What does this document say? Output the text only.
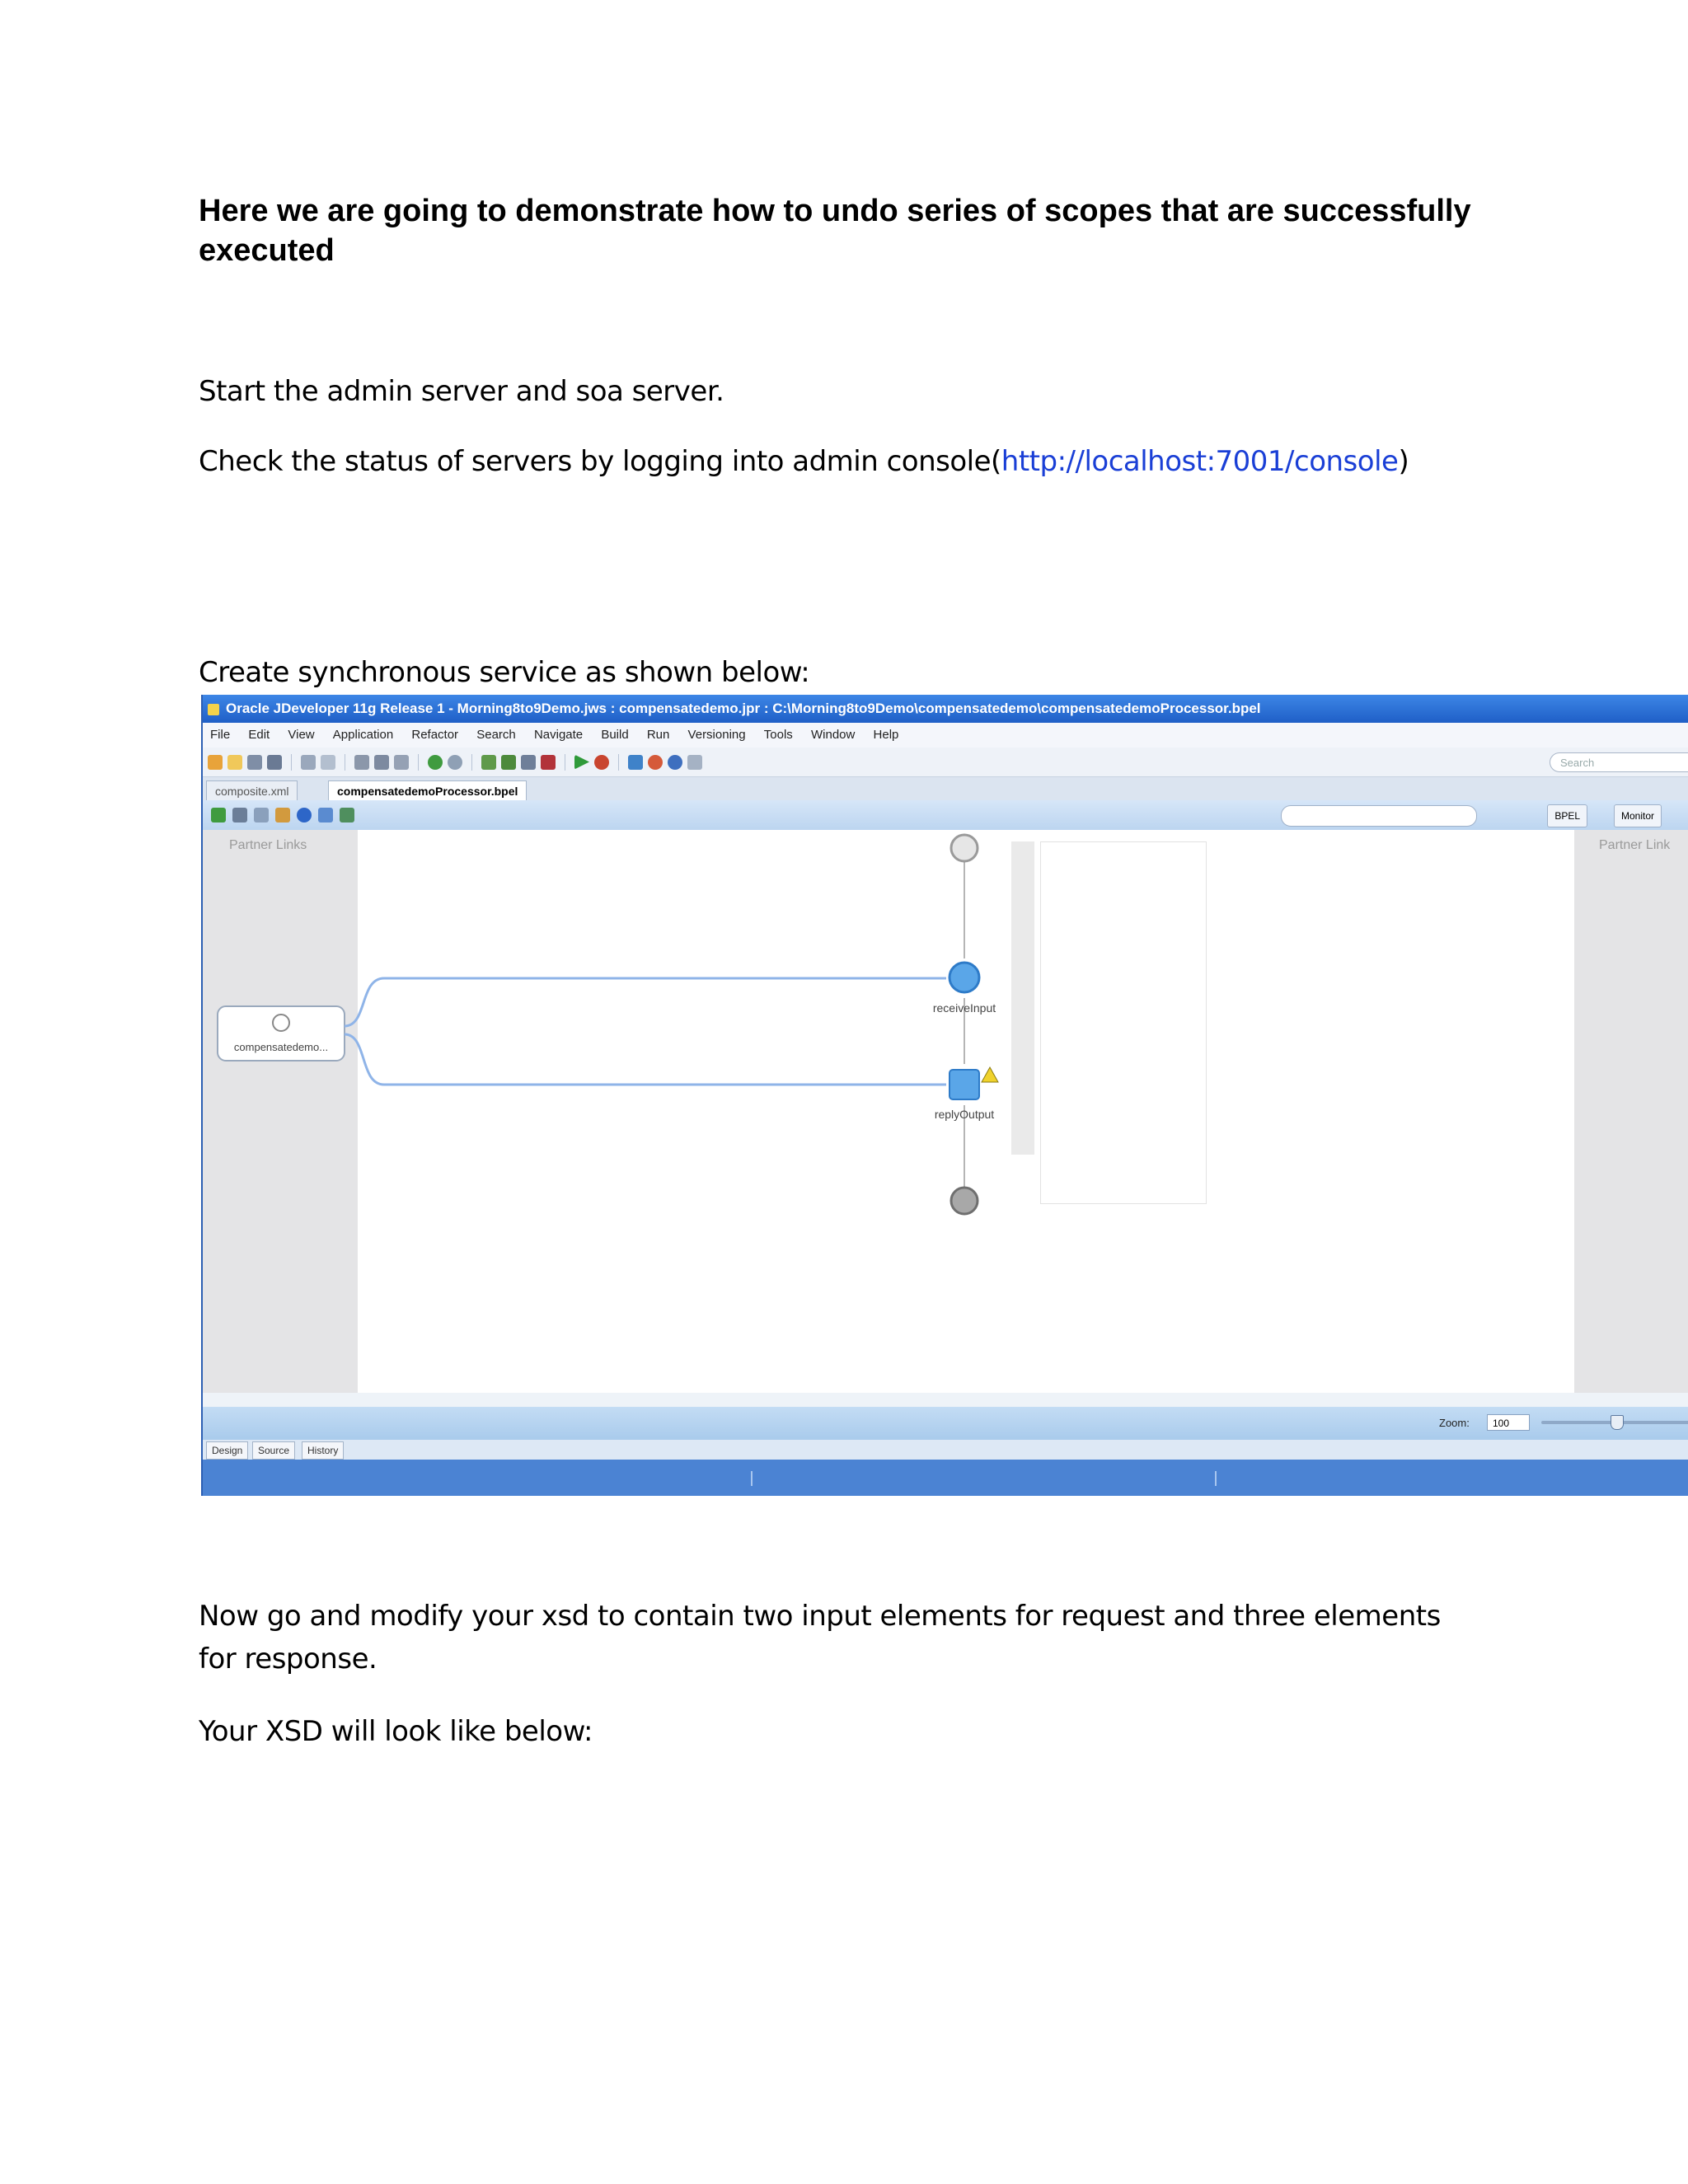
Here we are going to demonstrate how to undo series of scopes that are successfully executed
Start the admin server and soa server.
Check the status of servers by logging into admin console(http://localhost:7001/console)
Create synchronous service as shown below:
Oracle JDeveloper 11g Release 1 - Morning8to9Demo.jws : compensatedemo.jpr : C:\Morning8to9Demo\compensatedemo\compensatedemoProcessor.bpel
File Edit View Application Refactor Search Navigate Build Run Versioning Tools Window Help
Search
composite.xml	compensatedemoProcessor.bpel
BPEL	Monitor
Partner Links	Partner Link
compensatedemo...
receiveInput
replyOutput
Zoom:	100
Design	Source	History
Now go and modify your xsd to contain two input elements for request and three elements for response.
Your XSD will look like below:
